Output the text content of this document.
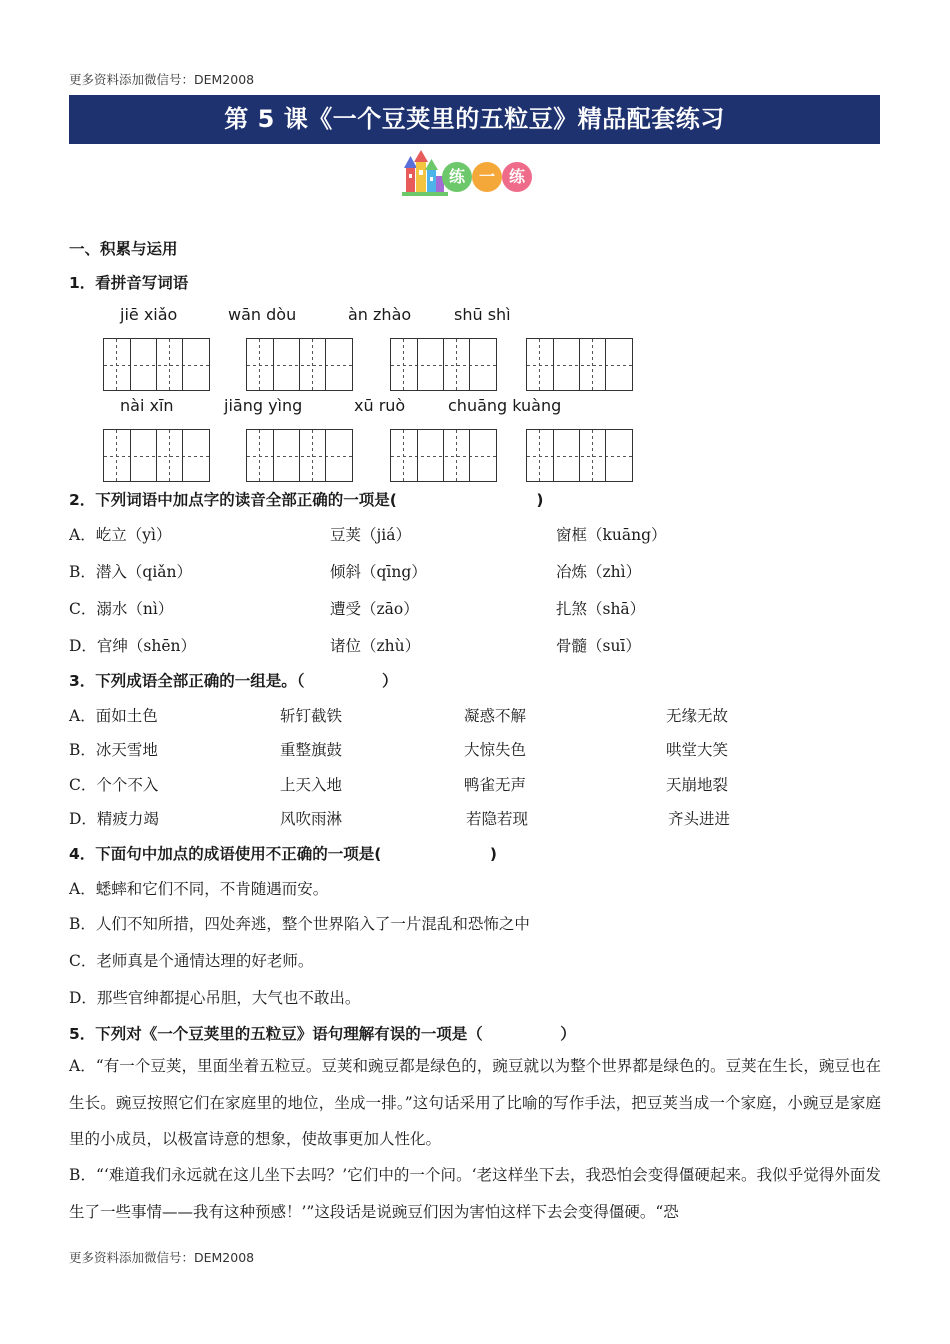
更多资料添加微信号：DEM2008
第 5 课《一个豆荚里的五粒豆》精品配套练习
练 一 练
一、积累与运用
1．看拼音写词语
jiē xiǎo	wān dòu	àn zhào	shū shì
nài xīn	jiāng yìng	xū ruò	chuāng kuàng
2．下列词语中加点字的读音全部正确的一项是(　　　　　　　　　)
A．屹立（yì）	豆荚（jiá）	窗框（kuāng）
B．潜入（qiǎn）	倾斜（qīng）	冶炼（zhì）
C．溺水（nì）	遭受（zāo）	扎煞（shā）
D．官绅（shēn）	诸位（zhù）	骨髓（suī）
3．下列成语全部正确的一组是。（　　　　　）
A．面如土色	斩钉截铁	凝惑不解	无缘无故
B．冰天雪地	重整旗鼓	大惊失色	哄堂大笑
C．个个不入	上天入地	鸭雀无声	天崩地裂
D．精疲力竭	风吹雨淋	若隐若现	齐头进进
4．下面句中加点的成语使用不正确的一项是(　　　　　　　)
A．蟋蟀和它们不同，不肯随遇而安。
B．人们不知所措，四处奔逃，整个世界陷入了一片混乱和恐怖之中
C．老师真是个通情达理的好老师。
D．那些官绅都提心吊胆，大气也不敢出。
5．下列对《一个豆荚里的五粒豆》语句理解有误的一项是（　　　　　）
A．“有一个豆荚，里面坐着五粒豆。豆荚和豌豆都是绿色的，豌豆就以为整个世界都是绿色的。豆荚在生长，豌豆也在生长。豌豆按照它们在家庭里的地位，坐成一排。”这句话采用了比喻的写作手法，把豆荚当成一个家庭，小豌豆是家庭里的小成员，以极富诗意的想象，使故事更加人性化。
B．“‘难道我们永远就在这儿坐下去吗？’它们中的一个问。‘老这样坐下去，我恐怕会变得僵硬起来。我似乎觉得外面发生了一些事情——我有这种预感！’”这段话是说豌豆们因为害怕这样下去会变得僵硬。“恐
更多资料添加微信号：DEM2008
